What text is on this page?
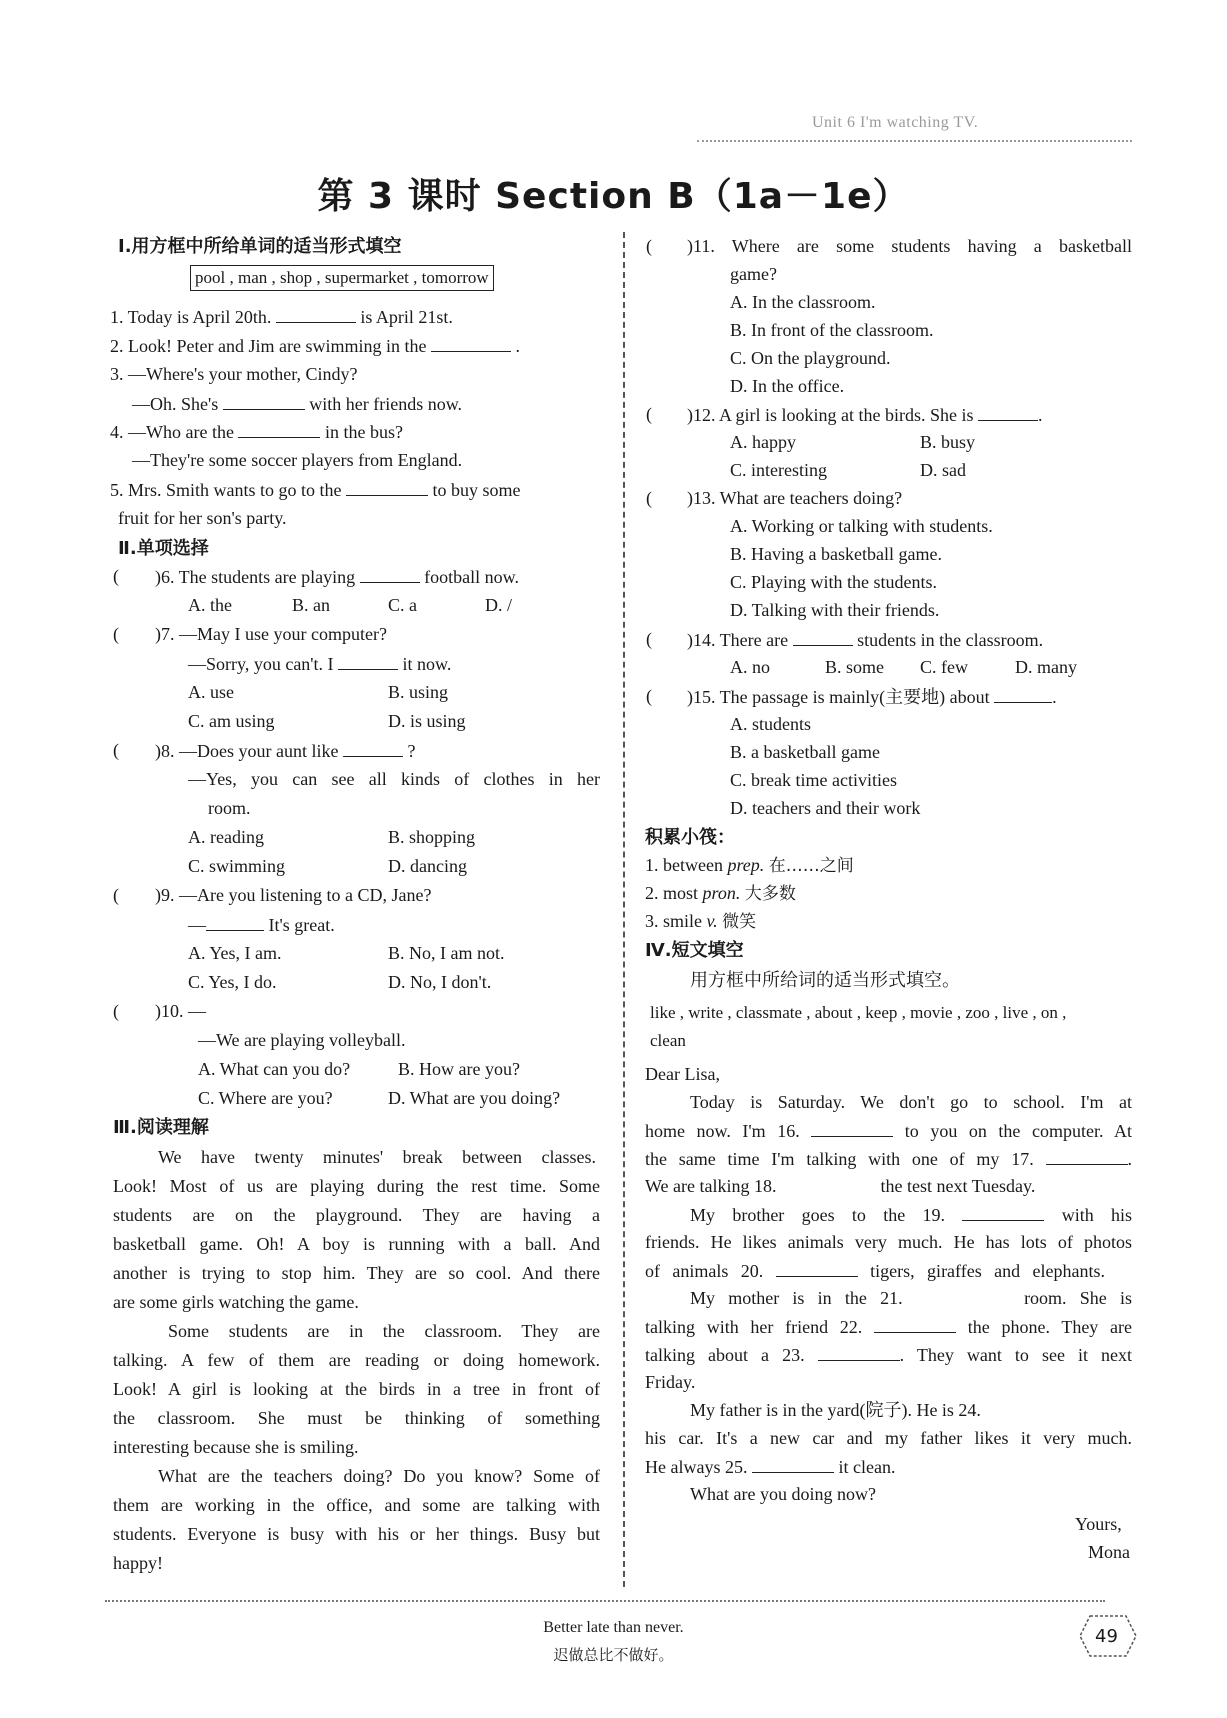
Unit 6 I'm watching TV.
第 3 课时 Section B（1a－1e）
Ⅰ.用方框中所给单词的适当形式填空
pool , man , shop , supermarket , tomorrow
1. Today is April 20th.	is April 21st.
2. Look! Peter and Jim are swimming in the	.
3. —Where's your mother, Cindy?
—Oh. She's	with her friends now.
4. —Who are the	in the bus?
—They're some soccer players from England.
5. Mrs. Smith wants to go to the	to buy some
fruit for her son's party.
Ⅱ.单项选择
( )6. The students are playing	football now.
A. the	B. an	C. a	D. /
( )7. —May I use your computer?
—Sorry, you can't. I	it now.
A. use	B. using
C. am using	D. is using
( )8. —Does your aunt like	?
—Yes, you can see all kinds of clothes in her
room.
A. reading	B. shopping
C. swimming	D. dancing
( )9. —Are you listening to a CD, Jane?
—	It's great.
A. Yes, I am.	B. No, I am not.
C. Yes, I do.	D. No, I don't.
( )10. —
—We are playing volleyball.
A. What can you do?	B. How are you?
C. Where are you?	D. What are you doing?
Ⅲ.阅读理解
We have twenty minutes' break between classes.
Look! Most of us are playing during the rest time. Some
students are on the playground. They are having a
basketball game. Oh! A boy is running with a ball. And
another is trying to stop him. They are so cool. And there
are some girls watching the game.
Some students are in the classroom. They are
talking. A few of them are reading or doing homework.
Look! A girl is looking at the birds in a tree in front of
the classroom. She must be thinking of something
interesting because she is smiling.
What are the teachers doing? Do you know? Some of
them are working in the office, and some are talking with
students. Everyone is busy with his or her things. Busy but
happy!
( )11. Where are some students having a basketball
game?
A. In the classroom.
B. In front of the classroom.
C. On the playground.
D. In the office.
( )12. A girl is looking at the birds. She is	.
A. happy	B. busy
C. interesting	D. sad
( )13. What are teachers doing?
A. Working or talking with students.
B. Having a basketball game.
C. Playing with the students.
D. Talking with their friends.
( )14. There are	students in the classroom.
A. no	B. some C. few	D. many
( )15. The passage is mainly(主要地) about	.
A. students
B. a basketball game
C. break time activities
D. teachers and their work
积累小筏：
1. between prep. 在……之间
2. most pron. 大多数
3. smile v. 微笑
Ⅳ.短文填空
用方框中所给词的适当形式填空。
like , write , classmate , about , keep , movie , zoo , live , on ,
clean
Dear Lisa,
Today is Saturday. We don't go to school. I'm at
home now. I'm 16.	to you on the computer. At
the same time I'm talking with one of my 17.	.
We are talking 18.	the test next Tuesday.
My brother goes to the 19.	with his
friends. He likes animals very much. He has lots of photos
of animals 20.	tigers, giraffes and elephants.
My mother is in the 21.	room. She is
talking with her friend 22.	the phone. They are
talking about a 23.	. They want to see it next
Friday.
My father is in the yard(院子). He is 24.
his car. It's a new car and my father likes it very much.
He always 25.	it clean.
What are you doing now?
Yours,
Mona
Better late than never.
迟做总比不做好。
49
